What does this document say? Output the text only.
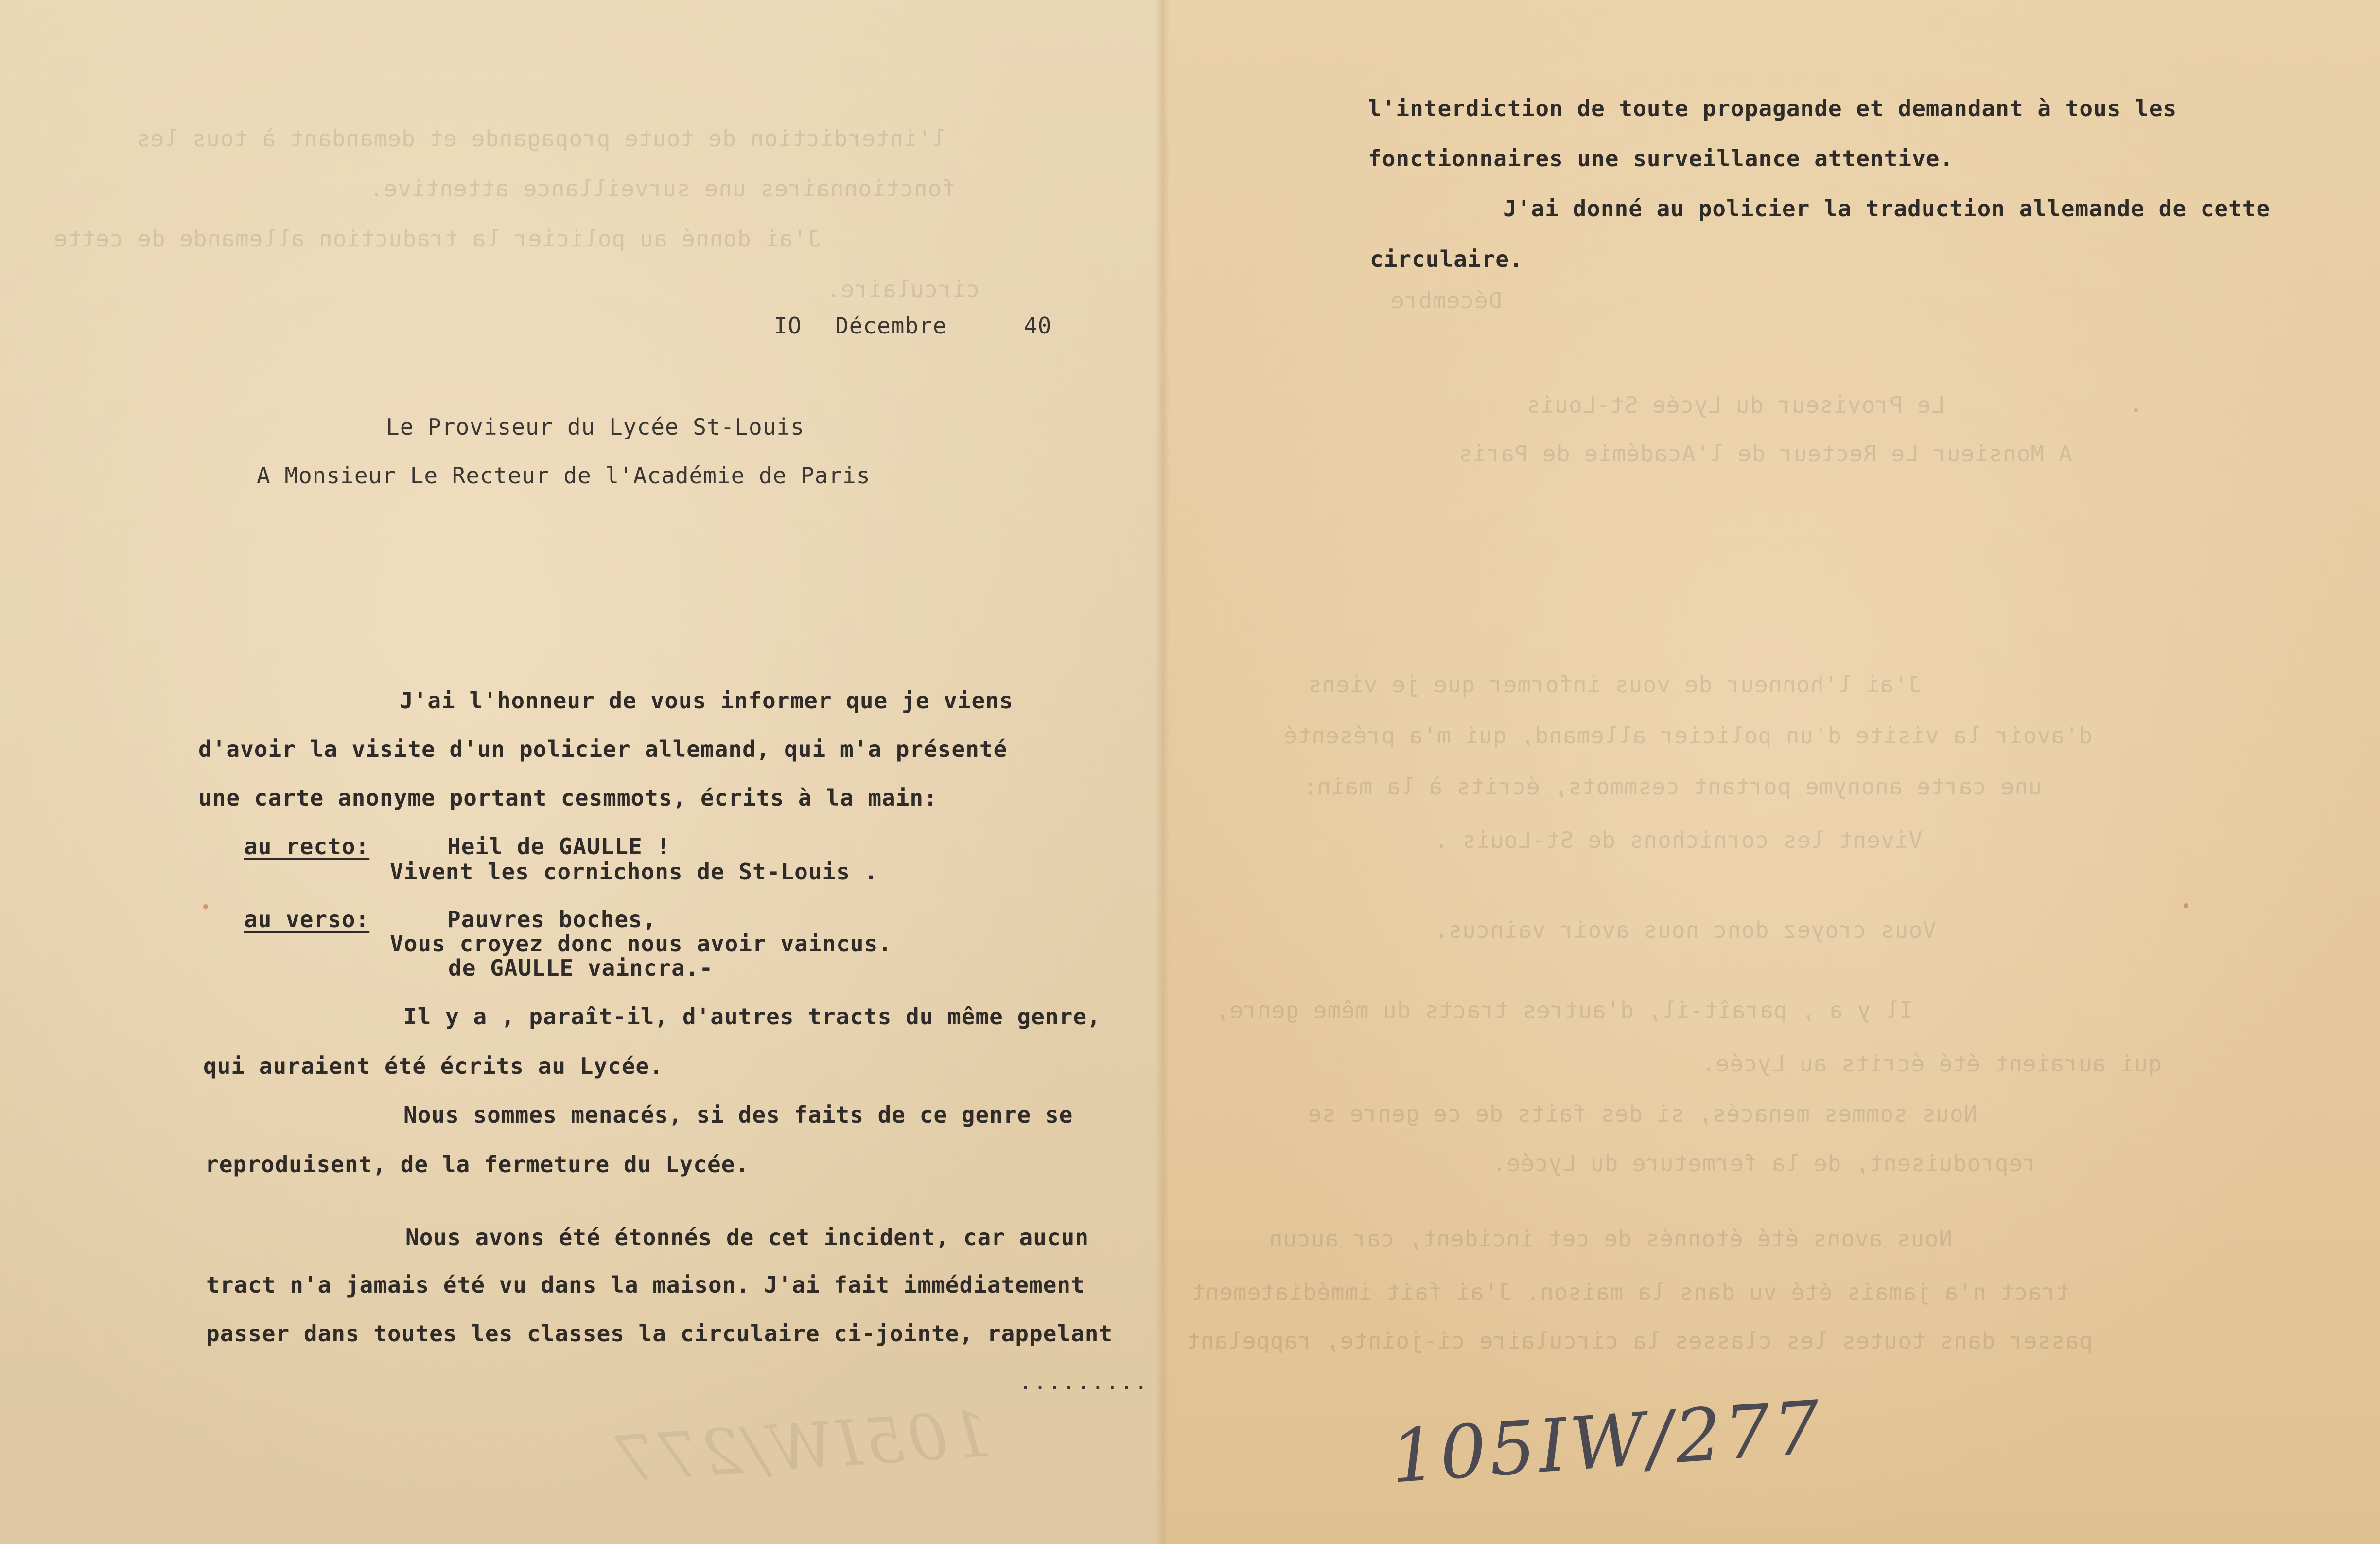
l'interdiction de toute propagande et demandant à tous les
fonctionnaires une surveillance attentive.
J'ai donné au policier la traduction allemande de cette
circulaire.
IO Décembre	40
Le Proviseur du Lycée St-Louis
A Monsieur Le Recteur de l'Académie de Paris
J'ai l'honneur de vous informer que je viens
d'avoir la visite d'un policier allemand, qui m'a présenté
une carte anonyme portant cesmmots, écrits à la main:
au recto:	Heil de GAULLE !
Vivent les cornichons de St-Louis .
au verso:	Pauvres boches,
Vous croyez donc nous avoir vaincus.
de GAULLE vaincra.-
Il y a , paraît-il, d'autres tracts du même genre,
qui auraient été écrits au Lycée.
Nous sommes menacés, si des faits de ce genre se
reproduisent, de la fermeture du Lycée.
Nous avons été étonnés de cet incident, car aucun
tract n'a jamais été vu dans la maison. J'ai fait immédiatement
passer dans toutes les classes la circulaire ci-jointe, rappelant
.........
105IW/277
l'interdiction de toute propagande et demandant à tous les
fonctionnaires une surveillance attentive.
J'ai donné au policier la traduction allemande de cette
circulaire.
Décembre
Le Proviseur du Lycée St-Louis
A Monsieur Le Recteur de l'Académie de Paris
J'ai l'honneur de vous informer que je viens
d'avoir la visite d'un policier allemand, qui m'a présenté
une carte anonyme portant cesmmots, écrits à la main:
Vivent les cornichons de St-Louis .
Vous croyez donc nous avoir vaincus.
Il y a , paraît-il, d'autres tracts du même genre,
qui auraient été écrits au Lycée.
Nous sommes menacés, si des faits de ce genre se
reproduisent, de la fermeture du Lycée.
Nous avons été étonnés de cet incident, car aucun
tract n'a jamais été vu dans la maison. J'ai fait immédiatement
passer dans toutes les classes la circulaire ci-jointe, rappelant
105IW/277
